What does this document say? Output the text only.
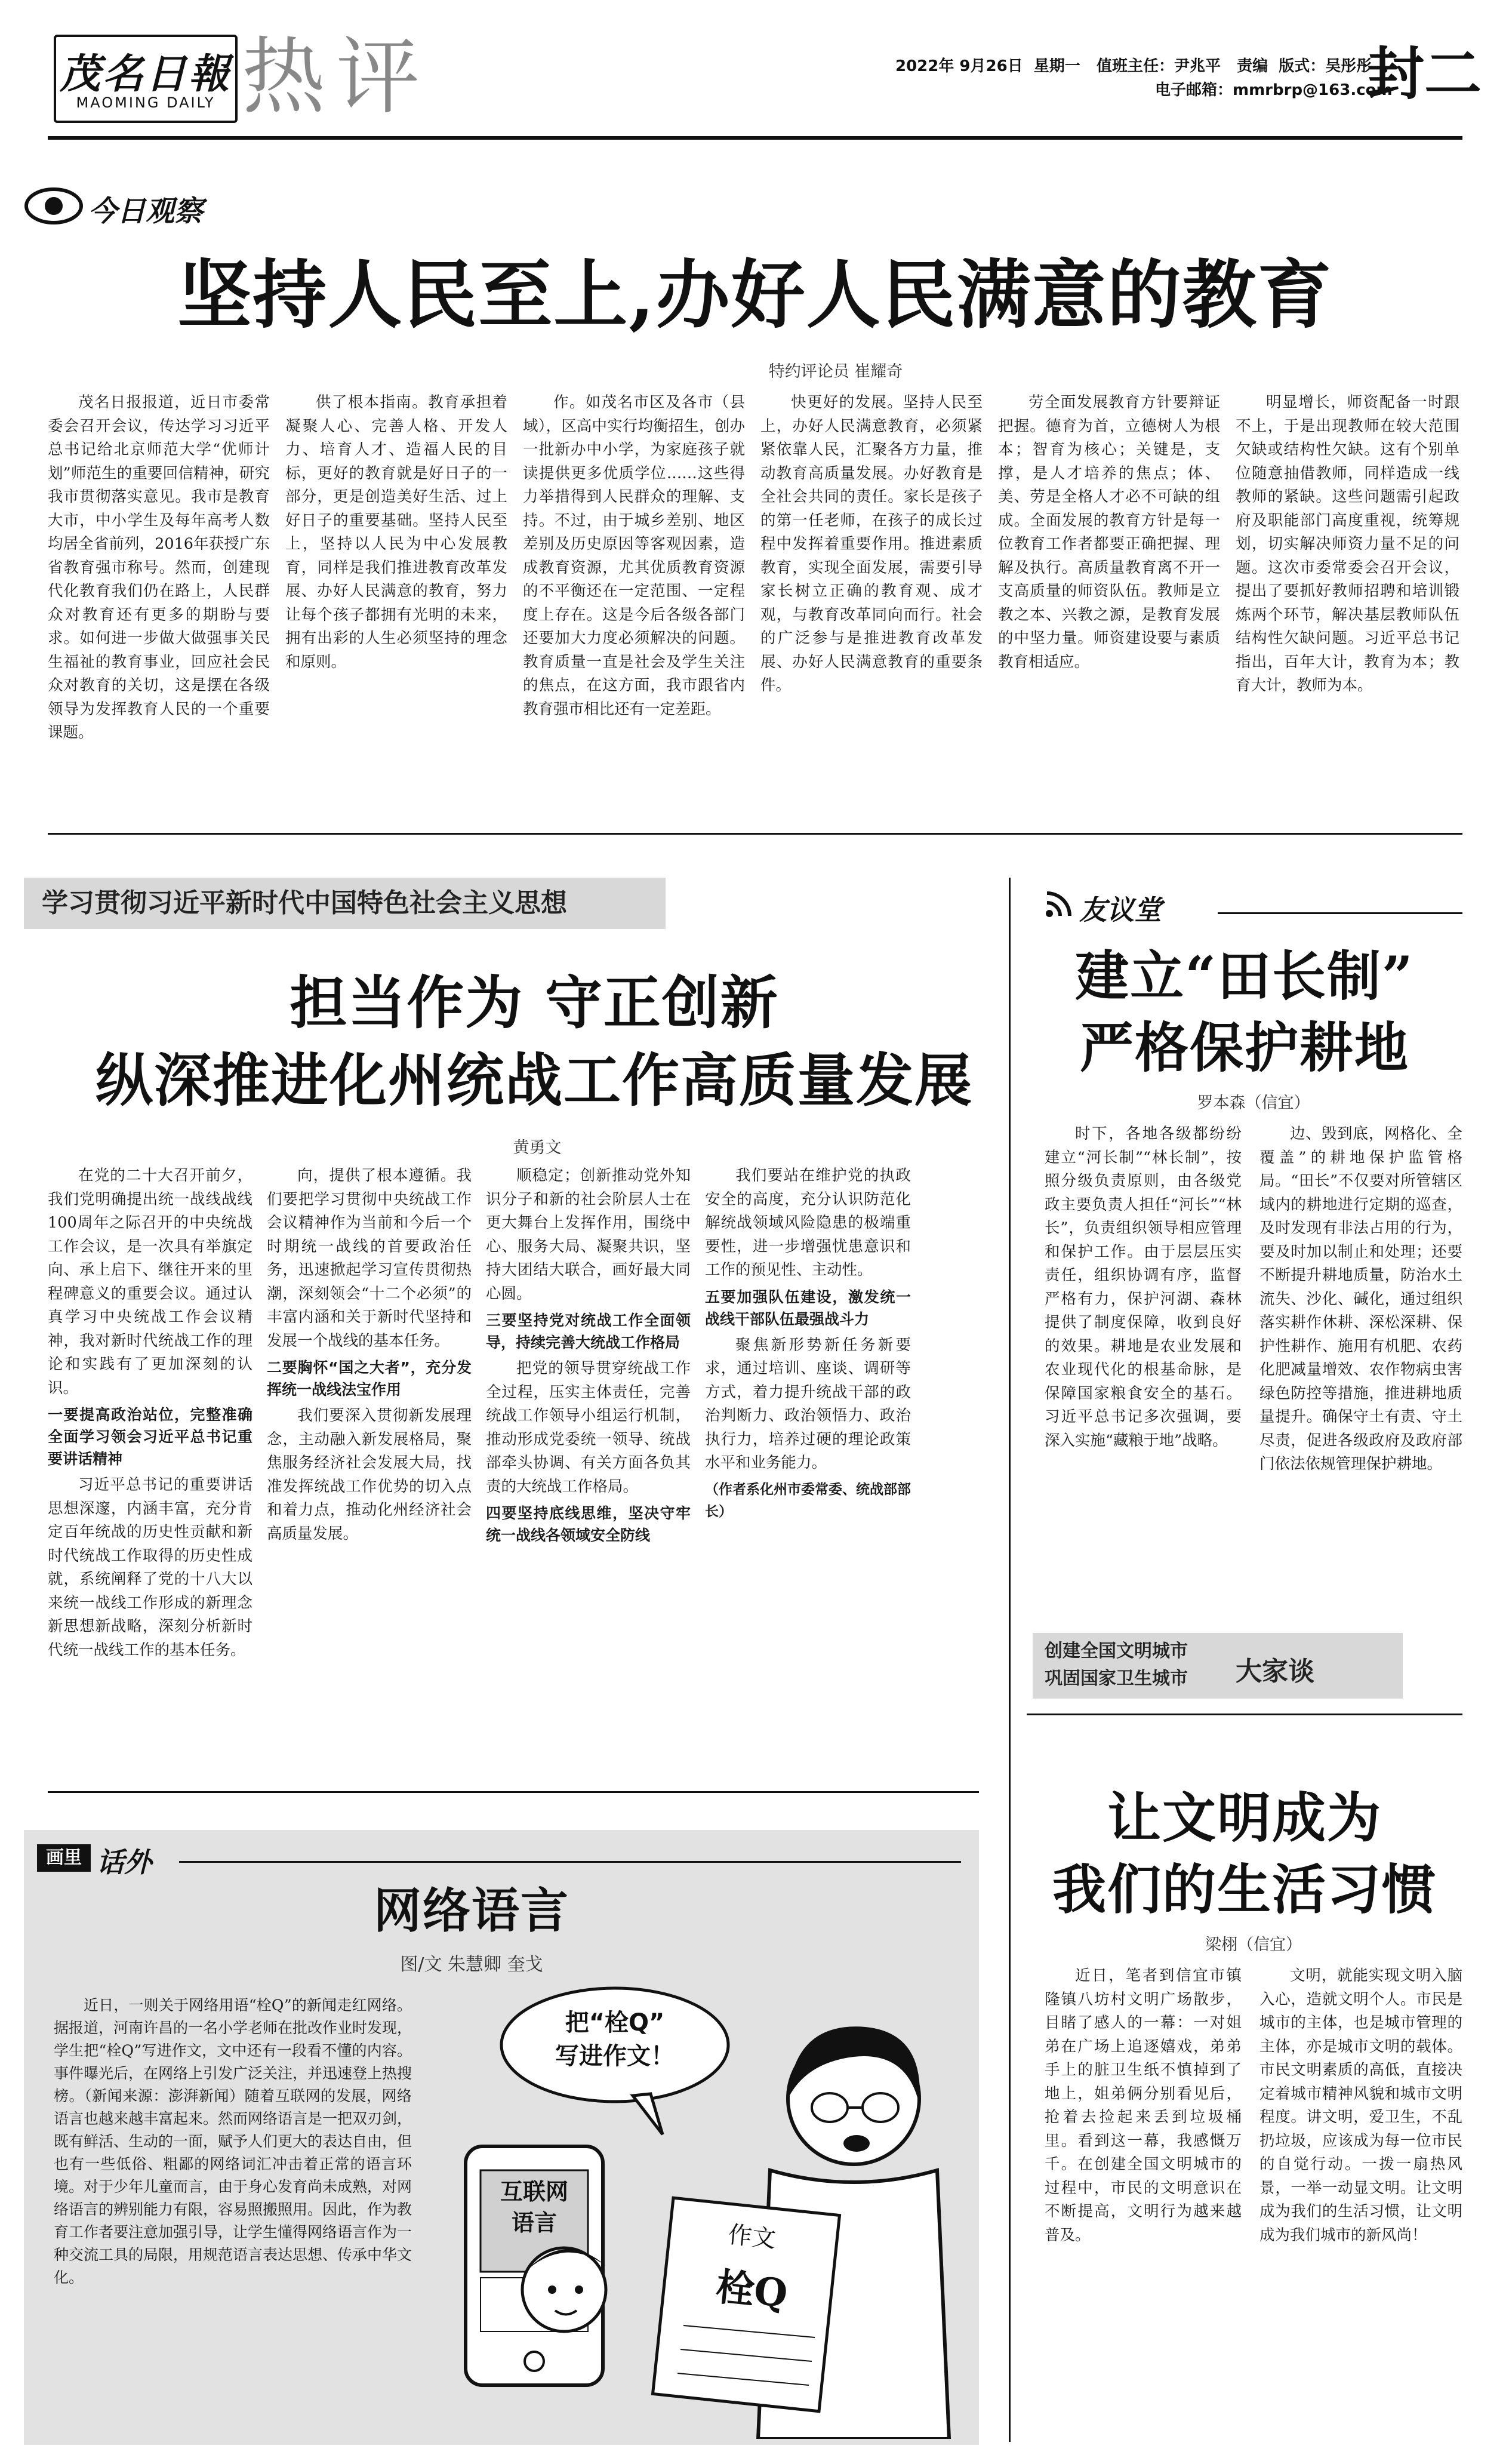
茂名日報
MAOMING DAILY 热评	2022年 9月26日  星期一   值班主任：尹兆平   责编  版式：吴彤彤
电子邮箱：mmrbrp@163.com
封二
今日观察
坚持人民至上,办好人民满意的教育
特约评论员 崔耀奇

茂名日报报道，近日市委常委会召开会议，传达学习习近平总书记给北京师范大学“优师计划”师范生的重要回信精神，研究我市贯彻落实意见。我市是教育大市，中小学生及每年高考人数均居全省前列，2016年获授广东省教育强市称号。然而，创建现代化教育我们仍在路上，人民群众对教育还有更多的期盼与要求。如何进一步做大做强事关民生福祉的教育事业，回应社会民众对教育的关切，这是摆在各级领导为发挥教育人民的一个重要课题。

供了根本指南。教育承担着凝聚人心、完善人格、开发人力、培育人才、造福人民的目标，更好的教育就是好日子的一部分，更是创造美好生活、过上好日子的重要基础。坚持人民至上，坚持以人民为中心发展教育，同样是我们推进教育改革发展、办好人民满意的教育，努力让每个孩子都拥有光明的未来，拥有出彩的人生必须坚持的理念和原则。

作。如茂名市区及各市（县域），区高中实行均衡招生，创办一批新办中小学，为家庭孩子就读提供更多优质学位……这些得力举措得到人民群众的理解、支持。不过，由于城乡差别、地区差别及历史原因等客观因素，造成教育资源，尤其优质教育资源的不平衡还在一定范围、一定程度上存在。这是今后各级各部门还要加大力度必须解决的问题。教育质量一直是社会及学生关注的焦点，在这方面，我市跟省内教育强市相比还有一定差距。

快更好的发展。坚持人民至上，办好人民满意教育，必须紧紧依靠人民，汇聚各方力量，推动教育高质量发展。办好教育是全社会共同的责任。家长是孩子的第一任老师，在孩子的成长过程中发挥着重要作用。推进素质教育，实现全面发展，需要引导家长树立正确的教育观、成才观，与教育改革同向而行。社会的广泛参与是推进教育改革发展、办好人民满意教育的重要条件。

劳全面发展教育方针要辩证把握。德育为首，立德树人为根本；智育为核心；关键是，支撑，是人才培养的焦点；体、美、劳是全格人才必不可缺的组成。全面发展的教育方针是每一位教育工作者都要正确把握、理解及执行。高质量教育离不开一支高质量的师资队伍。教师是立教之本、兴教之源，是教育发展的中坚力量。师资建设要与素质教育相适应。

明显增长，师资配备一时跟不上，于是出现教师在较大范围欠缺或结构性欠缺。这有个别单位随意抽借教师，同样造成一线教师的紧缺。这些问题需引起政府及职能部门高度重视，统筹规划，切实解决师资力量不足的问题。这次市委常委会召开会议，提出了要抓好教师招聘和培训锻炼两个环节，解决基层教师队伍结构性欠缺问题。习近平总书记指出，百年大计，教育为本；教育大计，教师为本。

学习贯彻习近平新时代中国特色社会主义思想
担当作为 守正创新
纵深推进化州统战工作高质量发展
黄勇文

在党的二十大召开前夕，我们党明确提出统一战线战线100周年之际召开的中央统战工作会议，是一次具有举旗定向、承上启下、继往开来的里程碑意义的重要会议。通过认真学习中央统战工作会议精神，我对新时代统战工作的理论和实践有了更加深刻的认识。

一要提高政治站位，完整准确全面学习领会习近平总书记重要讲话精神

习近平总书记的重要讲话思想深邃，内涵丰富，充分肯定百年统战的历史性贡献和新时代统战工作取得的历史性成就，系统阐释了党的十八大以来统一战线工作形成的新理念新思想新战略，深刻分析新时代统一战线工作的基本任务。

向，提供了根本遵循。我们要把学习贯彻中央统战工作会议精神作为当前和今后一个时期统一战线的首要政治任务，迅速掀起学习宣传贯彻热潮，深刻领会“十二个必须”的丰富内涵和关于新时代坚持和发展一个战线的基本任务。

二要胸怀“国之大者”，充分发挥统一战线法宝作用

我们要深入贯彻新发展理念，主动融入新发展格局，聚焦服务经济社会发展大局，找准发挥统战工作优势的切入点和着力点，推动化州经济社会高质量发展。

顺稳定；创新推动党外知识分子和新的社会阶层人士在更大舞台上发挥作用，围绕中心、服务大局、凝聚共识，坚持大团结大联合，画好最大同心圆。

三要坚持党对统战工作全面领导，持续完善大统战工作格局

把党的领导贯穿统战工作全过程，压实主体责任，完善统战工作领导小组运行机制，推动形成党委统一领导、统战部牵头协调、有关方面各负其责的大统战工作格局。

四要坚持底线思维，坚决守牢统一战线各领域安全防线

我们要站在维护党的执政安全的高度，充分认识防范化解统战领域风险隐患的极端重要性，进一步增强忧患意识和工作的预见性、主动性。

五要加强队伍建设，激发统一战线干部队伍最强战斗力

聚焦新形势新任务新要求，通过培训、座谈、调研等方式，着力提升统战干部的政治判断力、政治领悟力、政治执行力，培养过硬的理论政策水平和业务能力。

（作者系化州市委常委、统战部部长）
友议堂
建立“田长制”
严格保护耕地
罗本森（信宜）

时下，各地各级都纷纷建立“河长制”“林长制”，按照分级负责原则，由各级党政主要负责人担任“河长”“林长”，负责组织领导相应管理和保护工作。由于层层压实责任，组织协调有序，监督严格有力，保护河湖、森林提供了制度保障，收到良好的效果。耕地是农业发展和农业现代化的根基命脉，是保障国家粮食安全的基石。习近平总书记多次强调，要深入实施“藏粮于地”战略。

边、毁到底，网格化、全覆盖”的耕地保护监管格局。“田长”不仅要对所管辖区域内的耕地进行定期的巡查，及时发现有非法占用的行为，要及时加以制止和处理；还要不断提升耕地质量，防治水土流失、沙化、碱化，通过组织落实耕作休耕、深松深耕、保护性耕作、施用有机肥、农药化肥减量增效、农作物病虫害绿色防控等措施，推进耕地质量提升。确保守土有责、守土尽责，促进各级政府及政府部门依法依规管理保护耕地。

创建全国文明城市
巩固国家卫生城市	大家谈
让文明成为
我们的生活习惯
梁栩（信宜）

近日，笔者到信宜市镇隆镇八坊村文明广场散步，目睹了感人的一幕：一对姐弟在广场上追逐嬉戏，弟弟手上的脏卫生纸不慎掉到了地上，姐弟俩分别看见后，抢着去捡起来丢到垃圾桶里。看到这一幕，我感慨万千。在创建全国文明城市的过程中，市民的文明意识在不断提高，文明行为越来越普及。

文明，就能实现文明入脑入心，造就文明个人。市民是城市的主体，也是城市管理的主体，亦是城市文明的载体。市民文明素质的高低，直接决定着城市精神风貌和城市文明程度。讲文明，爱卫生，不乱扔垃圾，应该成为每一位市民的自觉行动。一拨一扇热风景，一举一动显文明。让文明成为我们的生活习惯，让文明成为我们城市的新风尚！

画里 话外
网络语言
图/文 朱慧卿 奎戈

近日，一则关于网络用语“栓Q”的新闻走红网络。据报道，河南许昌的一名小学老师在批改作业时发现，学生把“栓Q”写进作文，文中还有一段看不懂的内容。事件曝光后，在网络上引发广泛关注，并迅速登上热搜榜。（新闻来源：澎湃新闻）随着互联网的发展，网络语言也越来越丰富起来。然而网络语言是一把双刃剑，既有鲜活、生动的一面，赋予人们更大的表达自由，但也有一些低俗、粗鄙的网络词汇冲击着正常的语言环境。对于少年儿童而言，由于身心发育尚未成熟，对网络语言的辨别能力有限，容易照搬照用。因此，作为教育工作者要注意加强引导，让学生懂得网络语言作为一种交流工具的局限，用规范语言表达思想、传承中华文化。

把“栓Q”
写进作文！
互联网
语言	作文
栓Q
